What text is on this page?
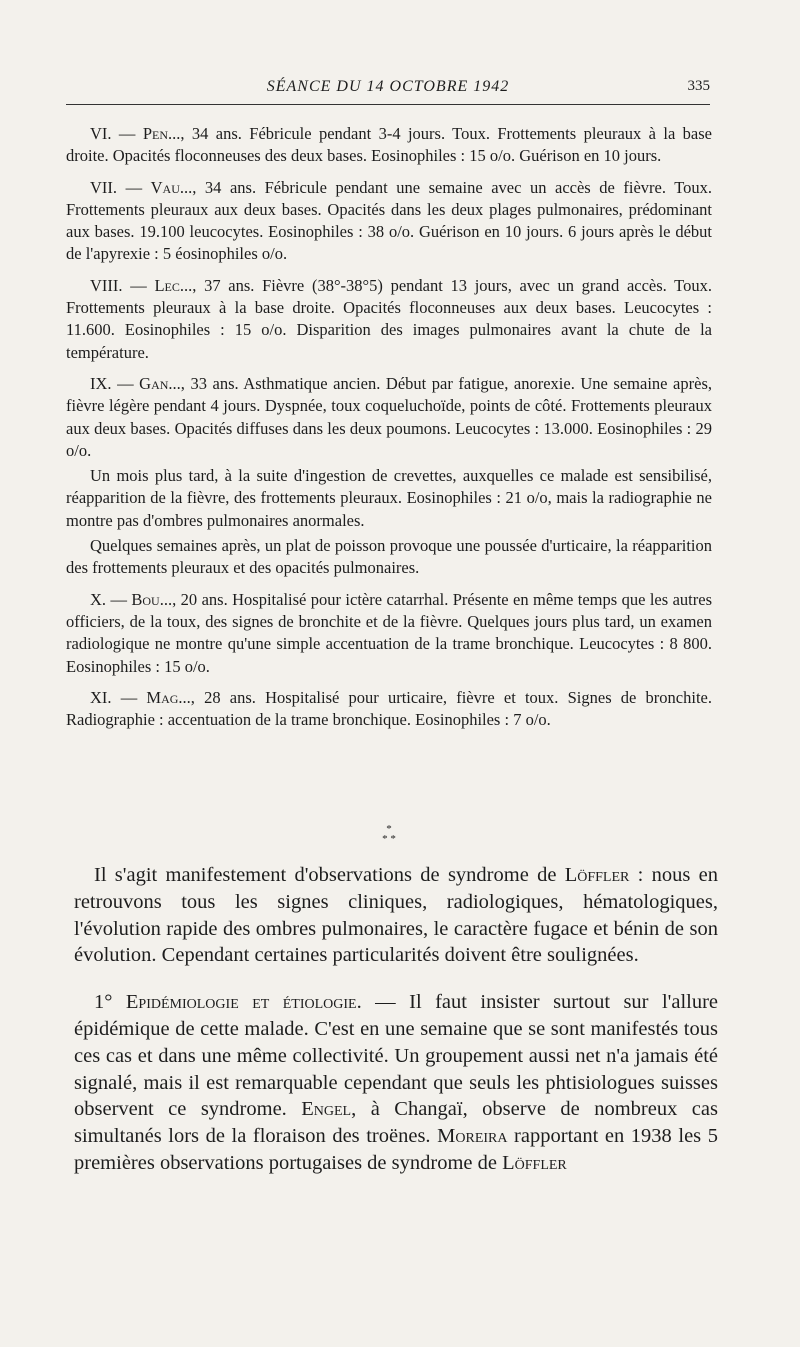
SÉANCE DU 14 OCTOBRE 1942	335

VI. — Pen..., 34 ans. Fébricule pendant 3-4 jours. Toux. Frottements pleuraux à la base droite. Opacités floconneuses des deux bases. Eosinophiles : 15 o/o. Guérison en 10 jours.

VII. — Vau..., 34 ans. Fébricule pendant une semaine avec un accès de fièvre. Toux. Frottements pleuraux aux deux bases. Opacités dans les deux plages pulmonaires, prédominant aux bases. 19.100 leucocytes. Eosinophiles : 38 o/o. Guérison en 10 jours. 6 jours après le début de l'apyrexie : 5 éosinophiles o/o.

VIII. — Lec..., 37 ans. Fièvre (38°-38°5) pendant 13 jours, avec un grand accès. Toux. Frottements pleuraux à la base droite. Opacités floconneuses aux deux bases. Leucocytes : 11.600. Eosinophiles : 15 o/o. Disparition des images pulmonaires avant la chute de la température.

IX. — Gan..., 33 ans. Asthmatique ancien. Début par fatigue, anorexie. Une semaine après, fièvre légère pendant 4 jours. Dyspnée, toux coqueluchoïde, points de côté. Frottements pleuraux aux deux bases. Opacités diffuses dans les deux poumons. Leucocytes : 13.000. Eosinophiles : 29 o/o.

Un mois plus tard, à la suite d'ingestion de crevettes, auxquelles ce malade est sensibilisé, réapparition de la fièvre, des frottements pleuraux. Eosinophiles : 21 o/o, mais la radiographie ne montre pas d'ombres pulmonaires anormales.

Quelques semaines après, un plat de poisson provoque une poussée d'urticaire, la réapparition des frottements pleuraux et des opacités pulmonaires.

X. — Bou..., 20 ans. Hospitalisé pour ictère catarrhal. Présente en même temps que les autres officiers, de la toux, des signes de bronchite et de la fièvre. Quelques jours plus tard, un examen radiologique ne montre qu'une simple accentuation de la trame bronchique. Leucocytes : 8 800. Eosinophiles : 15 o/o.

XI. — Mag..., 28 ans. Hospitalisé pour urticaire, fièvre et toux. Signes de bronchite. Radiographie : accentuation de la trame bronchique. Eosinophiles : 7 o/o.

*
* *

Il s'agit manifestement d'observations de syndrome de Löffler : nous en retrouvons tous les signes cliniques, radiologiques, hématologiques, l'évolution rapide des ombres pulmonaires, le caractère fugace et bénin de son évolution. Cependant certaines particularités doivent être soulignées.

1° Epidémiologie et étiologie. — Il faut insister surtout sur l'allure épidémique de cette malade. C'est en une semaine que se sont manifestés tous ces cas et dans une même collectivité. Un groupement aussi net n'a jamais été signalé, mais il est remarquable cependant que seuls les phtisiologues suisses observent ce syndrome. Engel, à Changaï, observe de nombreux cas simultanés lors de la floraison des troënes. Moreira rapportant en 1938 les 5 premières observations portugaises de syndrome de Löffler
